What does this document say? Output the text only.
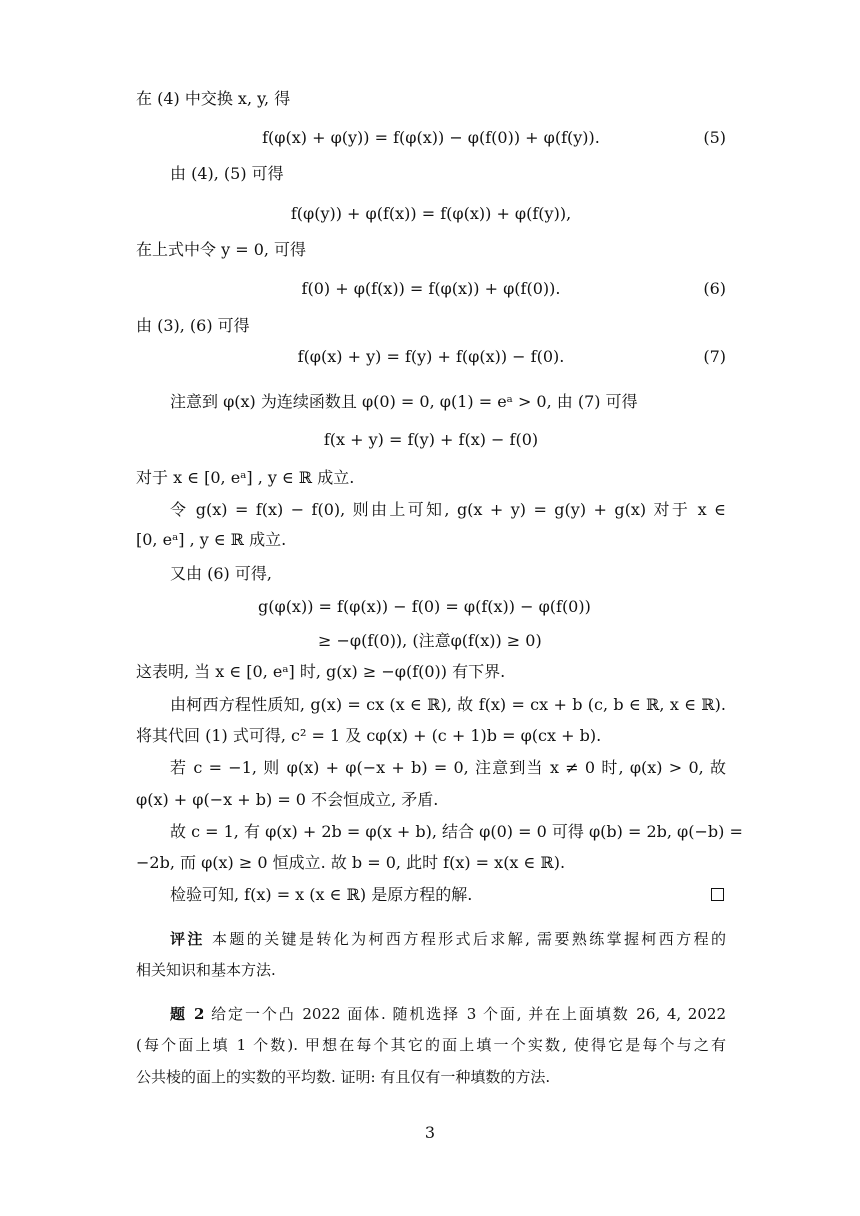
在 (4) 中交换 x, y, 得
f(φ(x) + φ(y)) = f(φ(x)) − φ(f(0)) + φ(f(y)).	(5)
由 (4), (5) 可得
f(φ(y)) + φ(f(x)) = f(φ(x)) + φ(f(y)),
在上式中令 y = 0, 可得
f(0) + φ(f(x)) = f(φ(x)) + φ(f(0)).	(6)
由 (3), (6) 可得
f(φ(x) + y) = f(y) + f(φ(x)) − f(0).	(7)
注意到 φ(x) 为连续函数且 φ(0) = 0, φ(1) = eᵃ > 0, 由 (7) 可得
f(x + y) = f(y) + f(x) − f(0)
对于 x ∈ [0, eᵃ] , y ∈ ℝ 成立.
令 g(x) = f(x) − f(0), 则由上可知, g(x + y) = g(y) + g(x) 对于 x ∈
[0, eᵃ] , y ∈ ℝ 成立.
又由 (6) 可得,
g(φ(x)) = f(φ(x)) − f(0) = φ(f(x)) − φ(f(0))
≥ −φ(f(0)), (注意φ(f(x)) ≥ 0)
这表明, 当 x ∈ [0, eᵃ] 时, g(x) ≥ −φ(f(0)) 有下界.
由柯西方程性质知, g(x) = cx (x ∈ ℝ), 故 f(x) = cx + b (c, b ∈ ℝ, x ∈ ℝ).
将其代回 (1) 式可得, c² = 1 及 cφ(x) + (c + 1)b = φ(cx + b).
若 c = −1, 则 φ(x) + φ(−x + b) = 0, 注意到当 x ≠ 0 时, φ(x) > 0, 故
φ(x) + φ(−x + b) = 0 不会恒成立, 矛盾.
故 c = 1, 有 φ(x) + 2b = φ(x + b), 结合 φ(0) = 0 可得 φ(b) = 2b, φ(−b) =
−2b, 而 φ(x) ≥ 0 恒成立. 故 b = 0, 此时 f(x) = x(x ∈ ℝ).
检验可知, f(x) = x (x ∈ ℝ) 是原方程的解.
评注 本题的关键是转化为柯西方程形式后求解, 需要熟练掌握柯西方程的
相关知识和基本方法.
题 2 给定一个凸 2022 面体. 随机选择 3 个面, 并在上面填数 26, 4, 2022
(每个面上填 1 个数). 甲想在每个其它的面上填一个实数, 使得它是每个与之有
公共棱的面上的实数的平均数. 证明: 有且仅有一种填数的方法.
3
